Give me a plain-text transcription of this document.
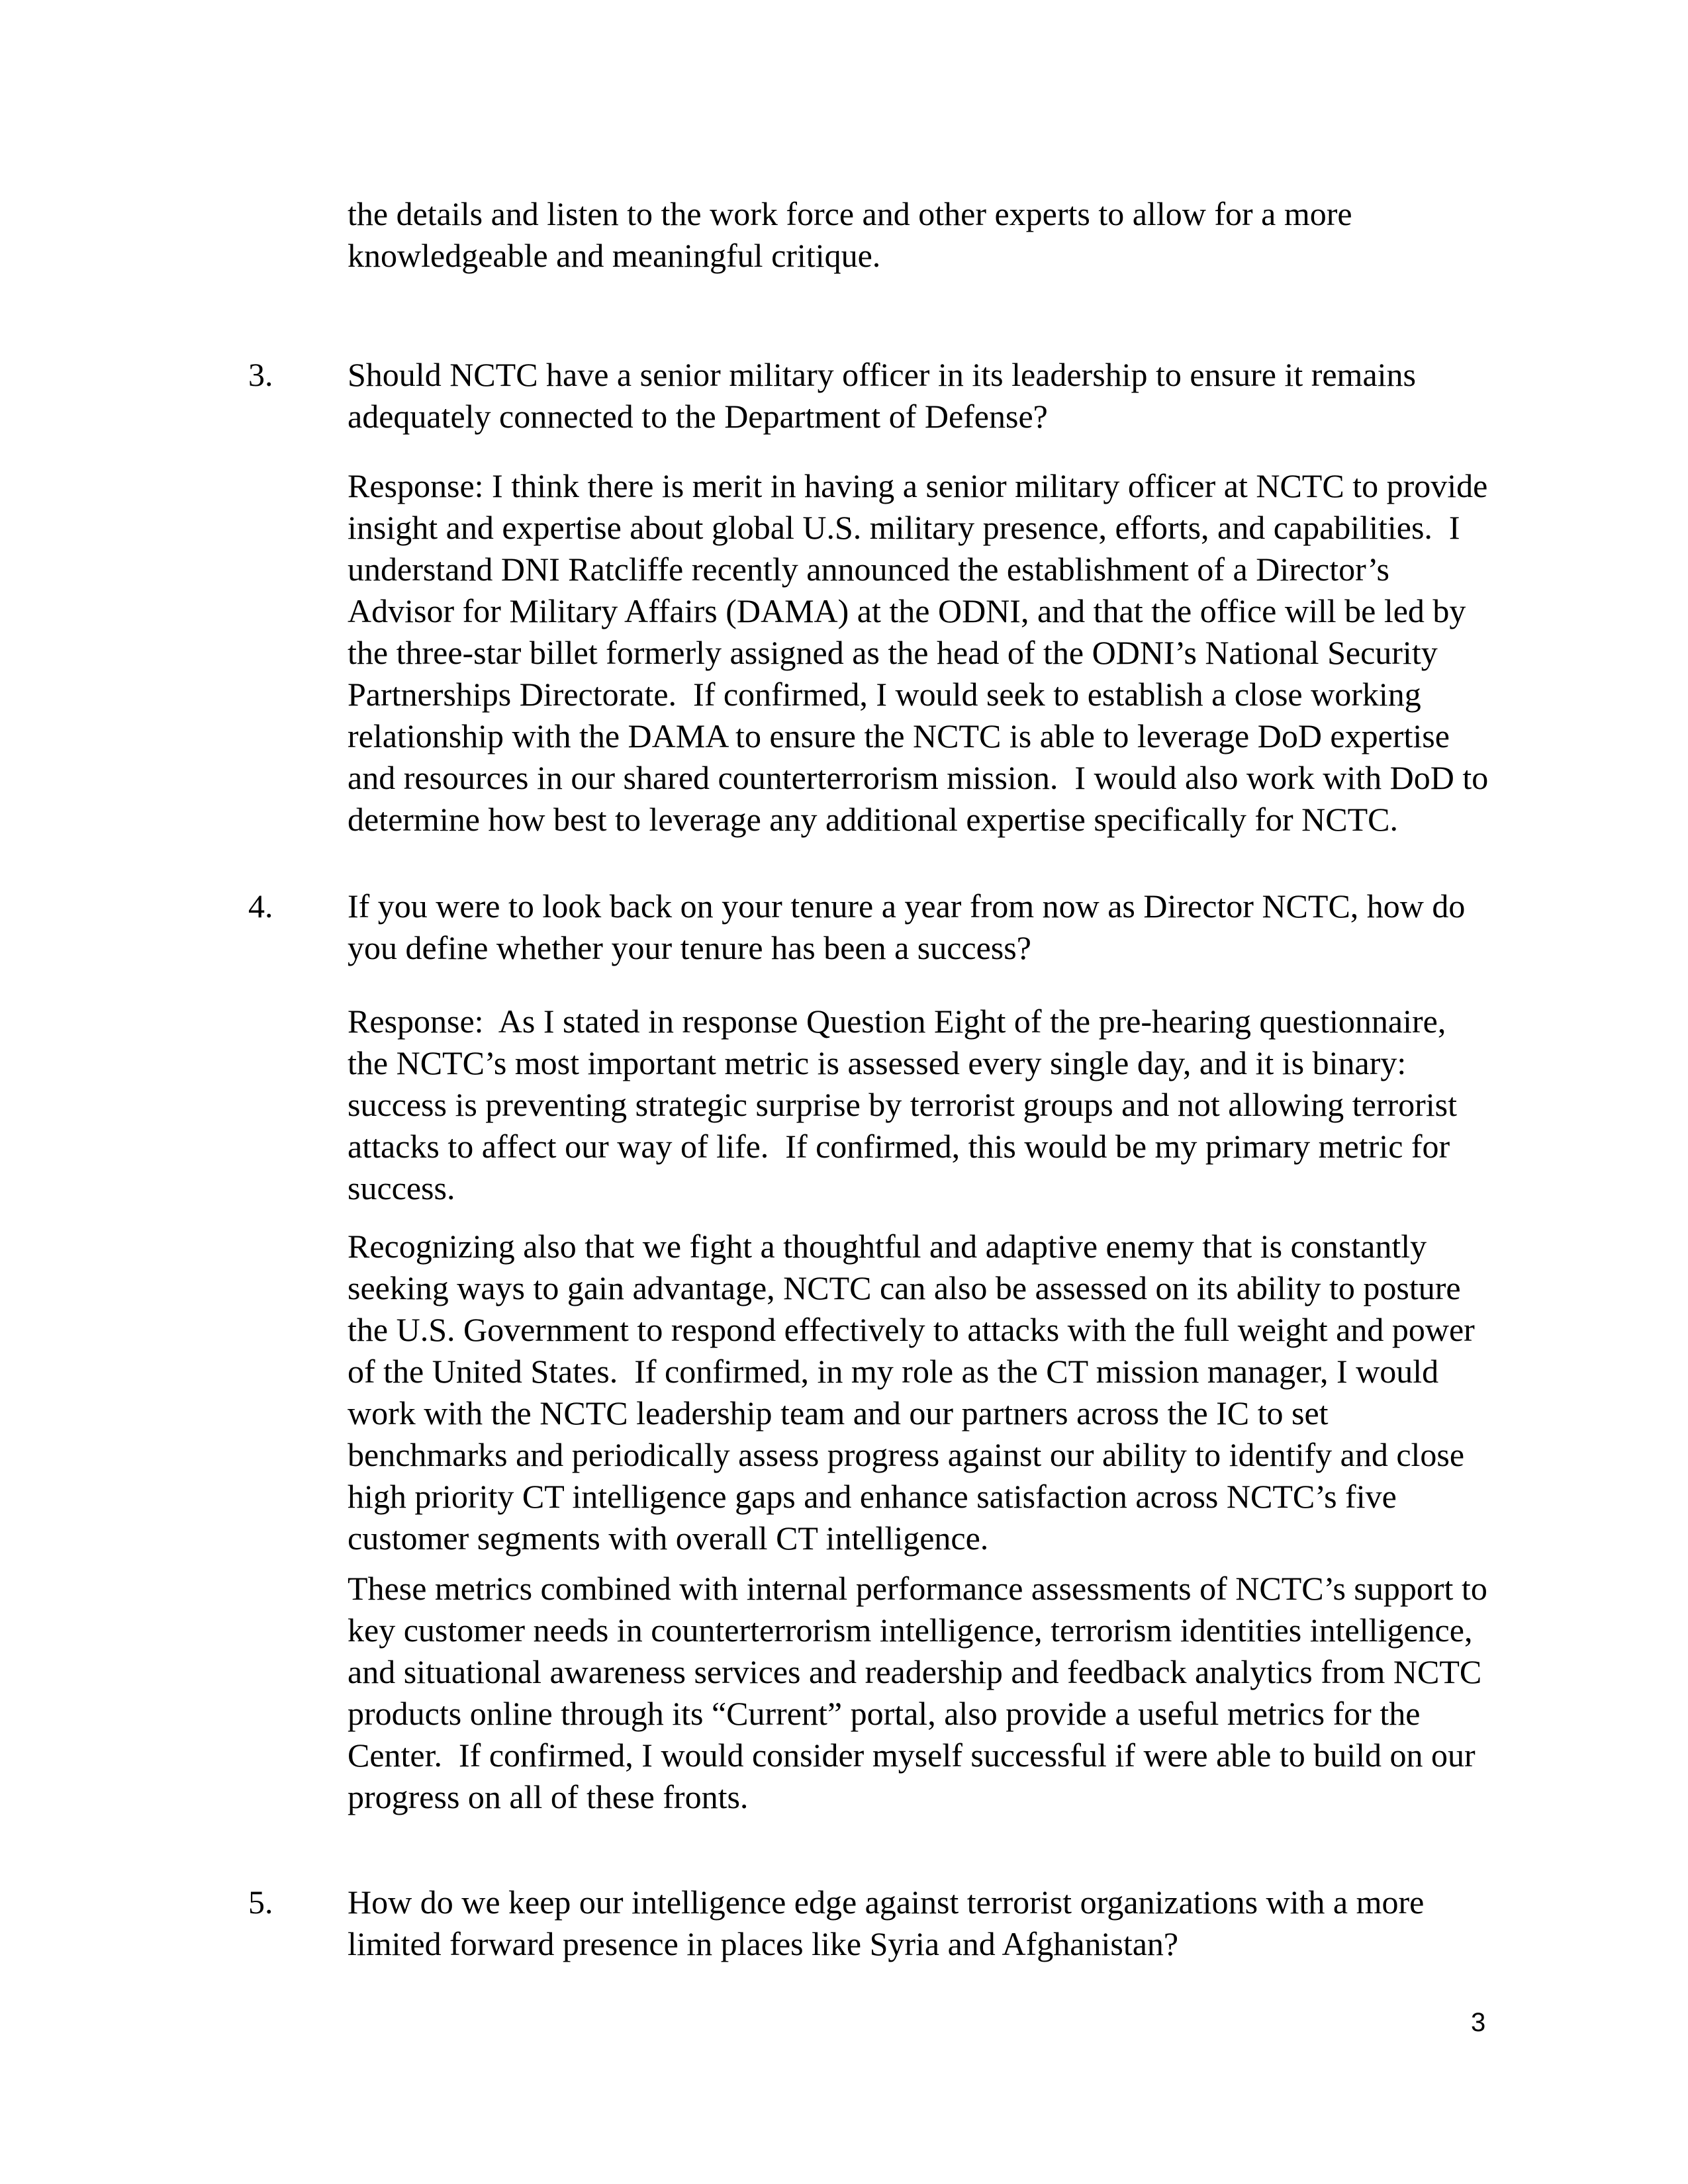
the details and listen to the work force and other experts to allow for a more
knowledgeable and meaningful critique.
3. Should NCTC have a senior military officer in its leadership to ensure it remains
adequately connected to the Department of Defense?
Response: I think there is merit in having a senior military officer at NCTC to provide
insight and expertise about global U.S. military presence, efforts, and capabilities.  I
understand DNI Ratcliffe recently announced the establishment of a Director’s
Advisor for Military Affairs (DAMA) at the ODNI, and that the office will be led by
the three-star billet formerly assigned as the head of the ODNI’s National Security
Partnerships Directorate.  If confirmed, I would seek to establish a close working
relationship with the DAMA to ensure the NCTC is able to leverage DoD expertise
and resources in our shared counterterrorism mission.  I would also work with DoD to
determine how best to leverage any additional expertise specifically for NCTC.
4. If you were to look back on your tenure a year from now as Director NCTC, how do
you define whether your tenure has been a success?
Response:  As I stated in response Question Eight of the pre-hearing questionnaire,
the NCTC’s most important metric is assessed every single day, and it is binary:
success is preventing strategic surprise by terrorist groups and not allowing terrorist
attacks to affect our way of life.  If confirmed, this would be my primary metric for
success.
Recognizing also that we fight a thoughtful and adaptive enemy that is constantly
seeking ways to gain advantage, NCTC can also be assessed on its ability to posture
the U.S. Government to respond effectively to attacks with the full weight and power
of the United States.  If confirmed, in my role as the CT mission manager, I would
work with the NCTC leadership team and our partners across the IC to set
benchmarks and periodically assess progress against our ability to identify and close
high priority CT intelligence gaps and enhance satisfaction across NCTC’s five
customer segments with overall CT intelligence.
These metrics combined with internal performance assessments of NCTC’s support to
key customer needs in counterterrorism intelligence, terrorism identities intelligence,
and situational awareness services and readership and feedback analytics from NCTC
products online through its “Current” portal, also provide a useful metrics for the
Center.  If confirmed, I would consider myself successful if were able to build on our
progress on all of these fronts.
5. How do we keep our intelligence edge against terrorist organizations with a more
limited forward presence in places like Syria and Afghanistan?
3
